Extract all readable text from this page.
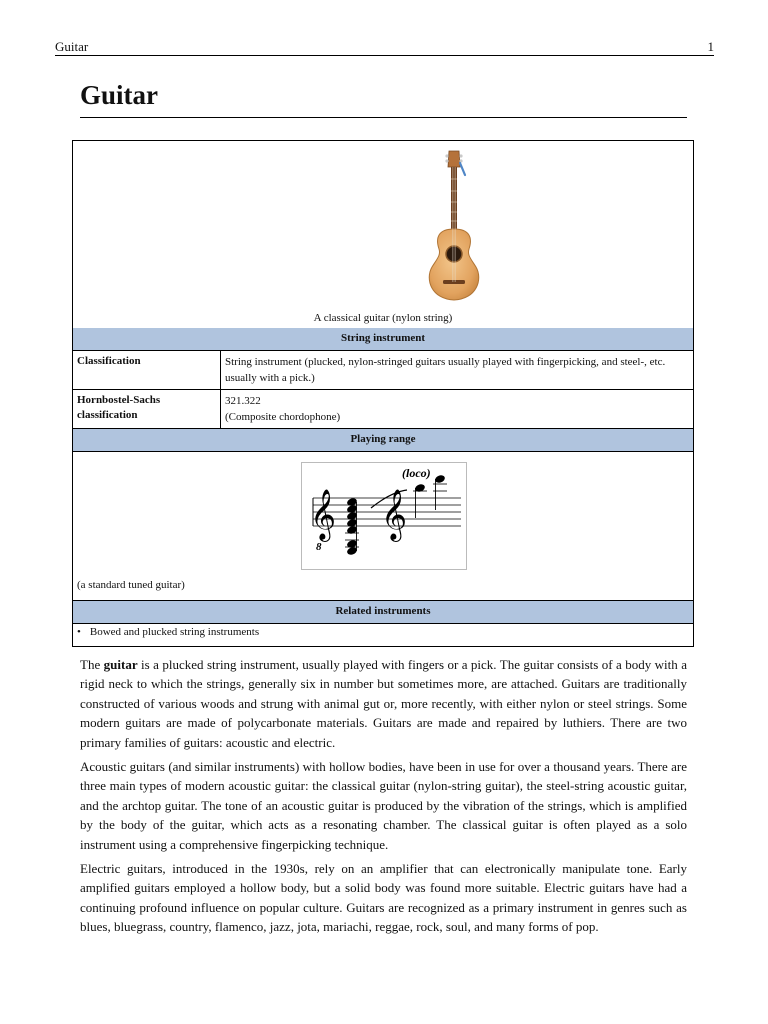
Guitar	1
Guitar
A classical guitar (nylon string)
String instrument
Classification	String instrument (plucked, nylon-stringed guitars usually played with fingerpicking, and steel-, etc.
usually with a pick.)
Hornbostel-Sachs
classification
321.322
(Composite chordophone)
Playing range
𝄞
8
𝄞
(loco)
(a standard tuned guitar)
Related instruments
• Bowed and plucked string instruments

The guitar is a plucked string instrument, usually played with fingers or a pick. The guitar consists of a body with a rigid neck to which the strings, generally six in number but sometimes more, are attached. Guitars are traditionally constructed of various woods and strung with animal gut or, more recently, with either nylon or steel strings. Some modern guitars are made of polycarbonate materials. Guitars are made and repaired by luthiers. There are two primary families of guitars: acoustic and electric.

Acoustic guitars (and similar instruments) with hollow bodies, have been in use for over a thousand years. There are three main types of modern acoustic guitar: the classical guitar (nylon-string guitar), the steel-string acoustic guitar, and the archtop guitar. The tone of an acoustic guitar is produced by the vibration of the strings, which is amplified by the body of the guitar, which acts as a resonating chamber. The classical guitar is often played as a solo instrument using a comprehensive fingerpicking technique.

Electric guitars, introduced in the 1930s, rely on an amplifier that can electronically manipulate tone. Early amplified guitars employed a hollow body, but a solid body was found more suitable. Electric guitars have had a continuing profound influence on popular culture. Guitars are recognized as a primary instrument in genres such as blues, bluegrass, country, flamenco, jazz, jota, mariachi, reggae, rock, soul, and many forms of pop.
